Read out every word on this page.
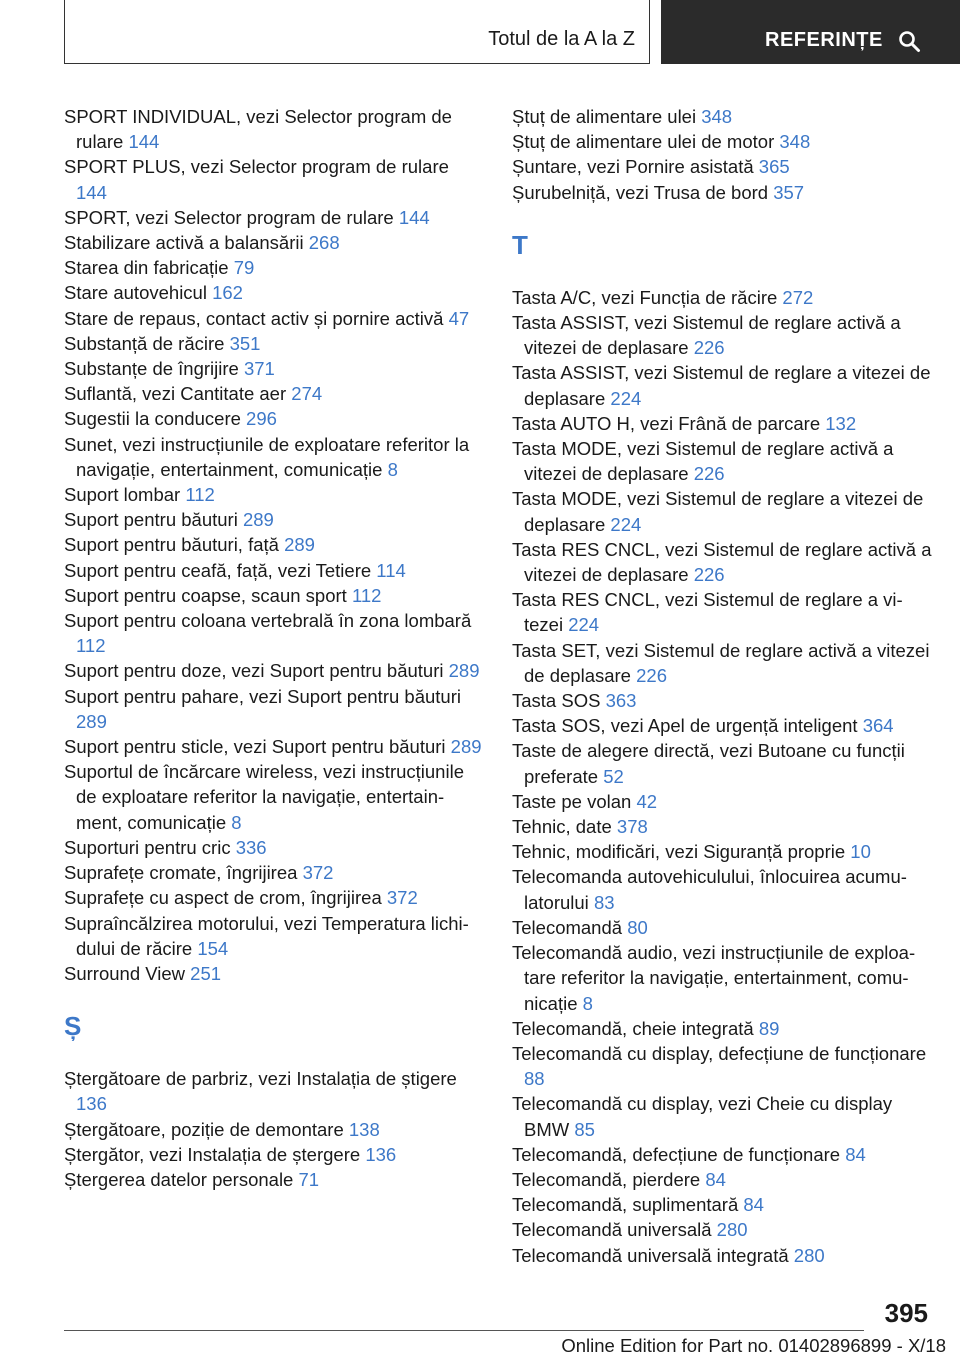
Totul de la A la Z	REFERINȚE

SPORT INDIVIDUAL, vezi Selector program de rulare 144

SPORT PLUS, vezi Selector program de rulare 144

SPORT, vezi Selector program de rulare 144

Stabilizare activă a balansării 268

Starea din fabricație 79

Stare autovehicul 162

Stare de repaus, contact activ și pornire activă 47

Substanță de răcire 351

Substanțe de îngrijire 371

Suflantă, vezi Cantitate aer 274

Sugestii la conducere 296

Sunet, vezi instrucțiunile de exploatare referitor la navigație, entertainment, comunicație 8

Suport lombar 112

Suport pentru băuturi 289

Suport pentru băuturi, față 289

Suport pentru ceafă, față, vezi Tetiere 114

Suport pentru coapse, scaun sport 112

Suport pentru coloana vertebrală în zona lombară 112

Suport pentru doze, vezi Suport pentru băuturi 289

Suport pentru pahare, vezi Suport pentru băuturi 289

Suport pentru sticle, vezi Suport pentru băuturi 289

Suportul de încărcare wireless, vezi instrucțiunile de exploatare referitor la navigație, entertainment, comunicație 8

Suporturi pentru cric 336

Suprafețe cromate, îngrijirea 372

Suprafețe cu aspect de crom, îngrijirea 372

Supraîncălzirea motorului, vezi Temperatura lichidului de răcire 154

Surround View 251

Ș

Ștergătoare de parbriz, vezi Instalația de știgere 136

Ștergătoare, poziție de demontare 138

Ștergător, vezi Instalația de ștergere 136

Ștergerea datelor personale 71

Ștuț de alimentare ulei 348

Ștuț de alimentare ulei de motor 348

Șuntare, vezi Pornire asistată 365

Șurubelniță, vezi Trusa de bord 357

T

Tasta A/C, vezi Funcția de răcire 272

Tasta ASSIST, vezi Sistemul de reglare activă a vitezei de deplasare 226

Tasta ASSIST, vezi Sistemul de reglare a vitezei de deplasare 224

Tasta AUTO H, vezi Frână de parcare 132

Tasta MODE, vezi Sistemul de reglare activă a vitezei de deplasare 226

Tasta MODE, vezi Sistemul de reglare a vitezei de deplasare 224

Tasta RES CNCL, vezi Sistemul de reglare activă a vitezei de deplasare 226

Tasta RES CNCL, vezi Sistemul de reglare a vitezei 224

Tasta SET, vezi Sistemul de reglare activă a vitezei de deplasare 226

Tasta SOS 363

Tasta SOS, vezi Apel de urgență inteligent 364

Taste de alegere directă, vezi Butoane cu funcții preferate 52

Taste pe volan 42

Tehnic, date 378

Tehnic, modificări, vezi Siguranță proprie 10

Telecomanda autovehiculului, înlocuirea acumulatorului 83

Telecomandă 80

Telecomandă audio, vezi instrucțiunile de exploatare referitor la navigație, entertainment, comunicație 8

Telecomandă, cheie integrată 89

Telecomandă cu display, defecțiune de funcționare 88

Telecomandă cu display, vezi Cheie cu display BMW 85

Telecomandă, defecțiune de funcționare 84

Telecomandă, pierdere 84

Telecomandă, suplimentară 84

Telecomandă universală 280

Telecomandă universală integrată 280

395
Online Edition for Part no. 01402896899 - X/18
